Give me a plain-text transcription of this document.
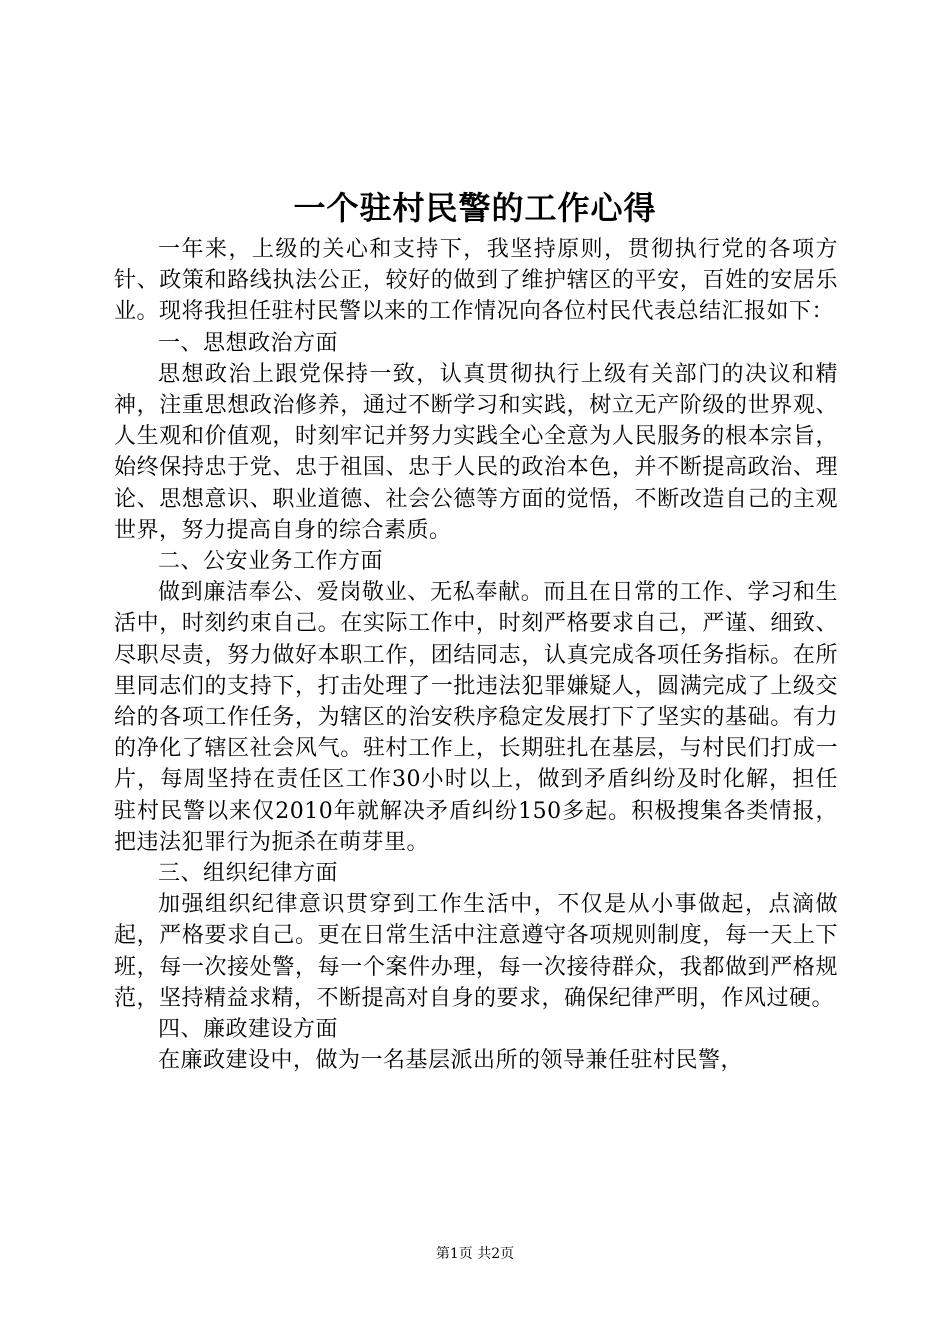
一个驻村民警的工作心得

一年来，上级的关心和支持下，我坚持原则，贯彻执行党的各项方针、政策和路线执法公正，较好的做到了维护辖区的平安，百姓的安居乐业。现将我担任驻村民警以来的工作情况向各位村民代表总结汇报如下：

一、思想政治方面

思想政治上跟党保持一致，认真贯彻执行上级有关部门的决议和精神，注重思想政治修养，通过不断学习和实践，树立无产阶级的世界观、人生观和价值观，时刻牢记并努力实践全心全意为人民服务的根本宗旨，始终保持忠于党、忠于祖国、忠于人民的政治本色，并不断提高政治、理论、思想意识、职业道德、社会公德等方面的觉悟，不断改造自己的主观世界，努力提高自身的综合素质。

二、公安业务工作方面

做到廉洁奉公、爱岗敬业、无私奉献。而且在日常的工作、学习和生活中，时刻约束自己。在实际工作中，时刻严格要求自己，严谨、细致、尽职尽责，努力做好本职工作，团结同志，认真完成各项任务指标。在所里同志们的支持下，打击处理了一批违法犯罪嫌疑人，圆满完成了上级交给的各项工作任务，为辖区的治安秩序稳定发展打下了坚实的基础。有力的净化了辖区社会风气。驻村工作上，长期驻扎在基层，与村民们打成一片，每周坚持在责任区工作30小时以上，做到矛盾纠纷及时化解，担任驻村民警以来仅2010年就解决矛盾纠纷150多起。积极搜集各类情报，把违法犯罪行为扼杀在萌芽里。

三、组织纪律方面

加强组织纪律意识贯穿到工作生活中，不仅是从小事做起，点滴做起，严格要求自己。更在日常生活中注意遵守各项规则制度，每一天上下班，每一次接处警，每一个案件办理，每一次接待群众，我都做到严格规范，坚持精益求精，不断提高对自身的要求，确保纪律严明，作风过硬。

四、廉政建设方面

在廉政建设中，做为一名基层派出所的领导兼任驻村民警，

第1页 共2页
